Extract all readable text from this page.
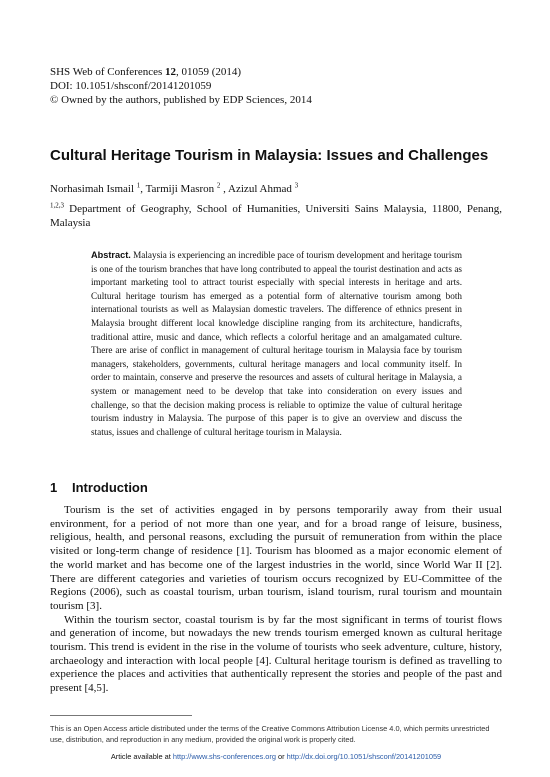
SHS Web of Conferences 12, 01059 (2014)
DOI: 10.1051/shsconf/20141201059
© Owned by the authors, published by EDP Sciences, 2014
Cultural Heritage Tourism in Malaysia: Issues and Challenges
Norhasimah Ismail $^1$, Tarmiji Masron $^2$ , Azizul Ahmad $^3$
$^{1,2,3}$ Department of Geography, School of Humanities, Universiti Sains Malaysia, 11800, Penang, Malaysia
Abstract. Malaysia is experiencing an incredible pace of tourism development and heritage tourism is one of the tourism branches that have long contributed to appeal the tourist destination and acts as important marketing tool to attract tourist especially with special interests in heritage and arts. Cultural heritage tourism has emerged as a potential form of alternative tourism among both international tourists as well as Malaysian domestic travelers. The difference of ethnics present in Malaysia brought different local knowledge discipline ranging from its architecture, handicrafts, traditional attire, music and dance, which reflects a colorful heritage and an amalgamated culture. There are arise of conflict in management of cultural heritage tourism in Malaysia face by tourism managers, stakeholders, governments, cultural heritage managers and local community itself. In order to maintain, conserve and preserve the resources and assets of cultural heritage in Malaysia, a system or management need to be develop that take into consideration on every issues and challenge, so that the decision making process is reliable to optimize the value of cultural heritage tourism industry in Malaysia. The purpose of this paper is to give an overview and discuss the status, issues and challenge of cultural heritage tourism in Malaysia.
1 Introduction

Tourism is the set of activities engaged in by persons temporarily away from their usual environment, for a period of not more than one year, and for a broad range of leisure, business, religious, health, and personal reasons, excluding the pursuit of remuneration from within the place visited or long-term change of residence [1]. Tourism has bloomed as a major economic element of the world market and has become one of the largest industries in the world, since World War II [2]. There are different categories and varieties of tourism occurs recognized by EU-Committee of the Regions (2006), such as coastal tourism, urban tourism, island tourism, rural tourism and mountain tourism [3].

Within the tourism sector, coastal tourism is by far the most significant in terms of tourist flows and generation of income, but nowadays the new trends tourism emerged known as cultural heritage tourism. This trend is evident in the rise in the volume of tourists who seek adventure, culture, history, archaeology and interaction with local people [4]. Cultural heritage tourism is defined as travelling to experience the places and activities that authentically represent the stories and people of the past and present [4,5].

This is an Open Access article distributed under the terms of the Creative Commons Attribution License 4.0, which permits unrestricted use, distribution, and reproduction in any medium, provided the original work is properly cited.
Article available at http://www.shs-conferences.org or http://dx.doi.org/10.1051/shsconf/20141201059
